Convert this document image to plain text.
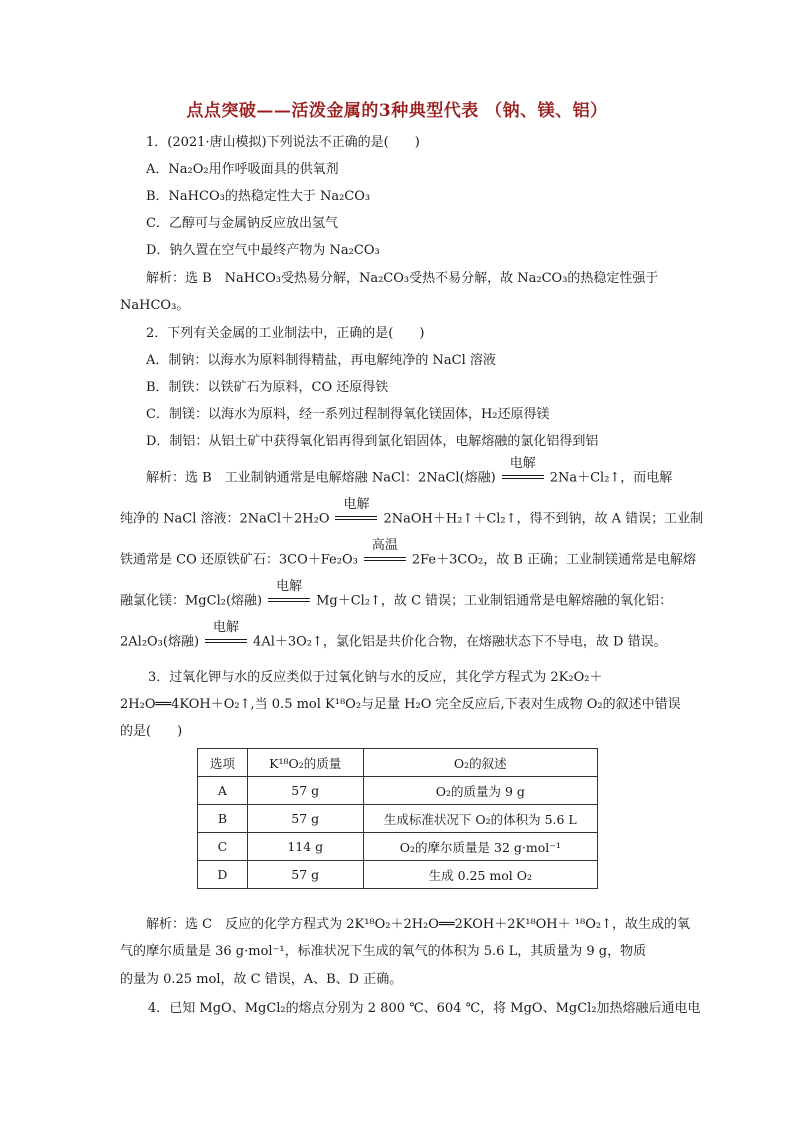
点点突破——活泼金属的3种典型代表 （钠、镁、铝）
1．(2021·唐山模拟)下列说法不正确的是(　　)
A．Na₂O₂用作呼吸面具的供氧剂
B．NaHCO₃的热稳定性大于 Na₂CO₃
C．乙醇可与金属钠反应放出氢气
D．钠久置在空气中最终产物为 Na₂CO₃
解析：选 B　NaHCO₃受热易分解，Na₂CO₃受热不易分解，故 Na₂CO₃的热稳定性强于
NaHCO₃。
2．下列有关金属的工业制法中，正确的是(　　)
A．制钠：以海水为原料制得精盐，再电解纯净的 NaCl 溶液
B．制铁：以铁矿石为原料，CO 还原得铁
C．制镁：以海水为原料，经一系列过程制得氧化镁固体，H₂还原得镁
D．制铝：从铝土矿中获得氧化铝再得到氯化铝固体，电解熔融的氯化铝得到铝
解析：选 B　工业制钠通常是电解熔融 NaCl：2NaCl(熔融)
电解
2Na＋Cl₂↑，而电解
纯净的 NaCl 溶液：2NaCl＋2H₂O
电解
2NaOH＋H₂↑＋Cl₂↑，得不到钠，故 A 错误；工业制
铁通常是 CO 还原铁矿石：3CO＋Fe₂O₃
高温
2Fe＋3CO₂，故 B 正确；工业制镁通常是电解熔
融氯化镁：MgCl₂(熔融)
电解
Mg＋Cl₂↑，故 C 错误；工业制铝通常是电解熔融的氧化铝：
2Al₂O₃(熔融)
电解
4Al＋3O₂↑，氯化铝是共价化合物，在熔融状态下不导电，故 D 错误。
3．过氧化钾与水的反应类似于过氧化钠与水的反应，其化学方程式为 2K₂O₂＋
2H₂O══4KOH＋O₂↑,当 0.5 mol K¹⁸O₂与足量 H₂O 完全反应后,下表对生成物 O₂的叙述中错误
的是(　　)
选项	K¹⁸O₂的质量	O₂的叙述
A	57 g	O₂的质量为 9 g
B	57 g	生成标准状况下 O₂的体积为 5.6 L
C	114 g	O₂的摩尔质量是 32 g·mol⁻¹
D	57 g	生成 0.25 mol O₂
解析：选 C　反应的化学方程式为 2K¹⁸O₂＋2H₂O══2KOH＋2K¹⁸OH＋ ¹⁸O₂↑，故生成的氧
气的摩尔质量是 36 g·mol⁻¹，标准状况下生成的氧气的体积为 5.6 L，其质量为 9 g，物质
的量为 0.25 mol，故 C 错误，A、B、D 正确。
4．已知 MgO、MgCl₂的熔点分别为 2 800 ℃、604 ℃，将 MgO、MgCl₂加热熔融后通电电
